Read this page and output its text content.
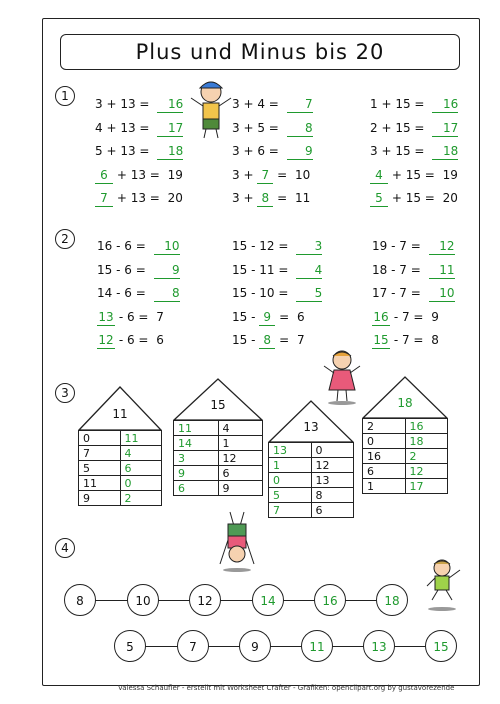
Plus und Minus bis 20
1
2
3
4
3 + 13 = 16
4 + 13 = 17
5 + 13 = 18
6 + 13 = 19
7 + 13 = 20
3 + 4 = 7
3 + 5 = 8
3 + 6 = 9
3 + 7 = 10
3 + 8 = 11
1 + 15 = 16
2 + 15 = 17
3 + 15 = 18
4 + 15 = 19
5 + 15 = 20
16 - 6 = 10
15 - 6 = 9
14 - 6 = 8
13 - 6 = 7
12 - 6 = 6
15 - 12 = 3
15 - 11 = 4
15 - 10 = 5
15 - 9 = 6
15 - 8 = 7
19 - 7 = 12
18 - 7 = 11
17 - 7 = 10
16 - 7 = 9
15 - 7 = 8
11
0	11
7	4
5	6
11	0
9	2
15
11	4
14	1
3	12
9	6
6	9
13
13	0
1	12
0	13
5	8
7	6
18
2	16
0	18
16	2
6	12
1	17
8	10	12	14	16	18
5	7	9	11	13	15
Valessa Schaufler - erstellt mit Worksheet Crafter - Grafiken: openclipart.org by gustavorezende
